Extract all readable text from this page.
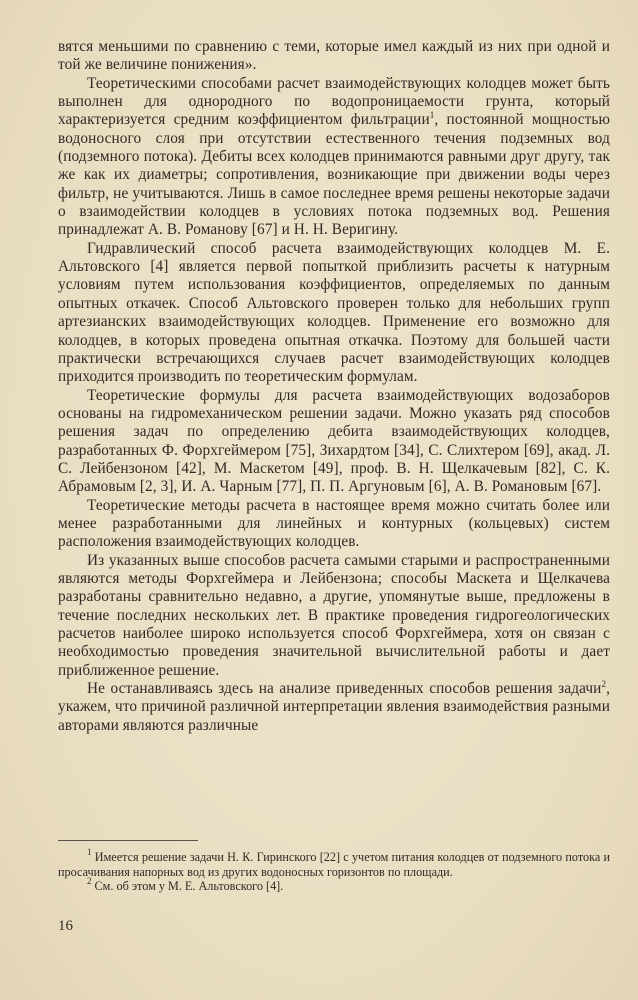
вятся меньшими по сравнению с теми, которые имел каждый из них при одной и той же величине понижения».

Теоретическими способами расчет взаимодействующих колодцев может быть выполнен для однородного по водопроницаемости грунта, который характеризуется средним коэффициентом фильтрации$^1$, постоянной мощностью водоносного слоя при отсутствии естественного течения подземных вод (подземного потока). Дебиты всех колодцев принимаются равными друг другу, так же как их диаметры; сопротивления, возникающие при движении воды через фильтр, не учитываются. Лишь в самое последнее время решены некоторые задачи о взаимодействии колодцев в условиях потока подземных вод. Решения принадлежат А. В. Романову [67] и Н. Н. Веригину.

Гидравлический способ расчета взаимодействующих колодцев М. Е. Альтовского [4] является первой попыткой приблизить расчеты к натурным условиям путем использования коэффициентов, определяемых по данным опытных откачек. Способ Альтовского проверен только для небольших групп артезианских взаимодействующих колодцев. Применение его возможно для колодцев, в которых проведена опытная откачка. Поэтому для большей части практически встречающихся случаев расчет взаимодействующих колодцев приходится производить по теоретическим формулам.

Теоретические формулы для расчета взаимодействующих водозаборов основаны на гидромеханическом решении задачи. Можно указать ряд способов решения задач по определению дебита взаимодействующих колодцев, разработанных Ф. Форхгеймером [75], Зихардтом [34], С. Слихтером [69], акад. Л. С. Лейбензоном [42], М. Маскетом [49], проф. В. Н. Щелкачевым [82], С. К. Абрамовым [2, 3], И. А. Чарным [77], П. П. Аргуновым [6], А. В. Романовым [67].

Теоретические методы расчета в настоящее время можно считать более или менее разработанными для линейных и контурных (кольцевых) систем расположения взаимодействующих колодцев.

Из указанных выше способов расчета самыми старыми и распространенными являются методы Форхгеймера и Лейбензона; способы Маскета и Щелкачева разработаны сравнительно недавно, а другие, упомянутые выше, предложены в течение последних нескольких лет. В практике проведения гидрогеологических расчетов наиболее широко используется способ Форхгеймера, хотя он связан с необходимостью проведения значительной вычислительной работы и дает приближенное решение.

Не останавливаясь здесь на анализе приведенных способов решения задачи$^2$, укажем, что причиной различной интерпретации явления взаимодействия разными авторами являются различные

$^1$ Имеется решение задачи Н. К. Гиринского [22] с учетом питания колодцев от подземного потока и просачивания напорных вод из других водоносных горизонтов по площади.

$^2$ См. об этом у М. Е. Альтовского [4].

16
